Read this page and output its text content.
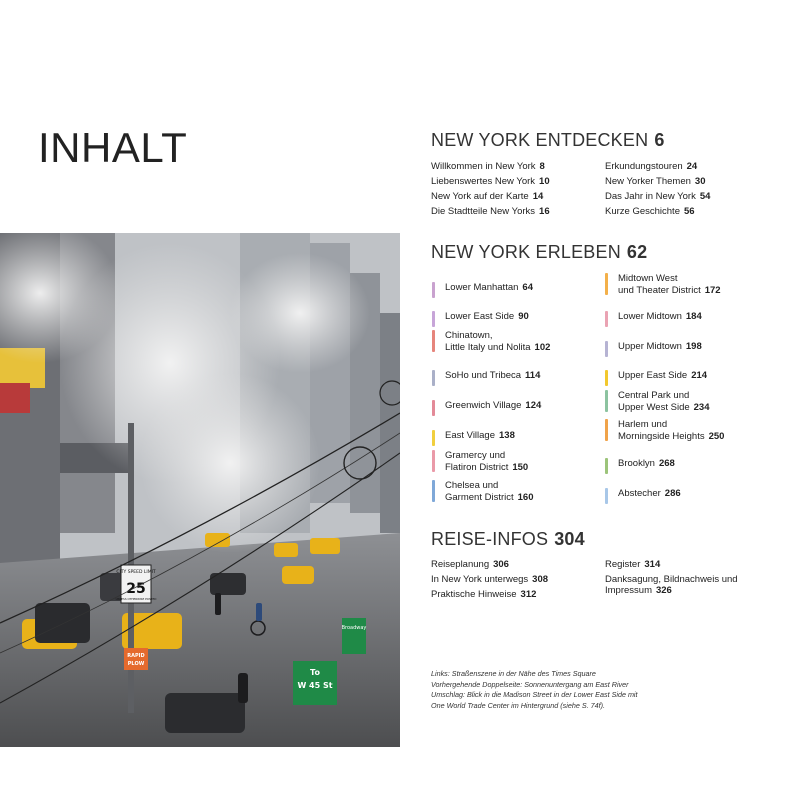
INHALT
CITY SPEED LIMIT
25
UNLESS OTHERWISE POSTED
RAPID
PLOW
Broadway
To
W 45 St
NEW YORK ENTDECKEN 6
Willkommen in New York 8
Liebenswertes New York 10
New York auf der Karte 14
Die Stadtteile New Yorks 16
Erkundungstouren 24
New Yorker Themen 30
Das Jahr in New York 54
Kurze Geschichte 56
NEW YORK ERLEBEN 62
Lower Manhattan 64
Lower East Side 90
Chinatown,
Little Italy und Nolita 102
SoHo und Tribeca 114
Greenwich Village 124
East Village 138
Gramercy und
Flatiron District 150
Chelsea und
Garment District 160
Midtown West
und Theater District 172
Lower Midtown 184
Upper Midtown 198
Upper East Side 214
Central Park und
Upper West Side 234
Harlem und
Morningside Heights 250
Brooklyn 268
Abstecher 286
REISE-INFOS 304
Reiseplanung 306
In New York unterwegs 308
Praktische Hinweise 312
Register 314
Danksagung, Bildnachweis und
Impressum 326
Links: Straßenszene in der Nähe des Times Square
Vorhergehende Doppelseite: Sonnenuntergang am East River
Umschlag: Blick in die Madison Street in der Lower East Side mit
One World Trade Center im Hintergrund (siehe S. 74f).
